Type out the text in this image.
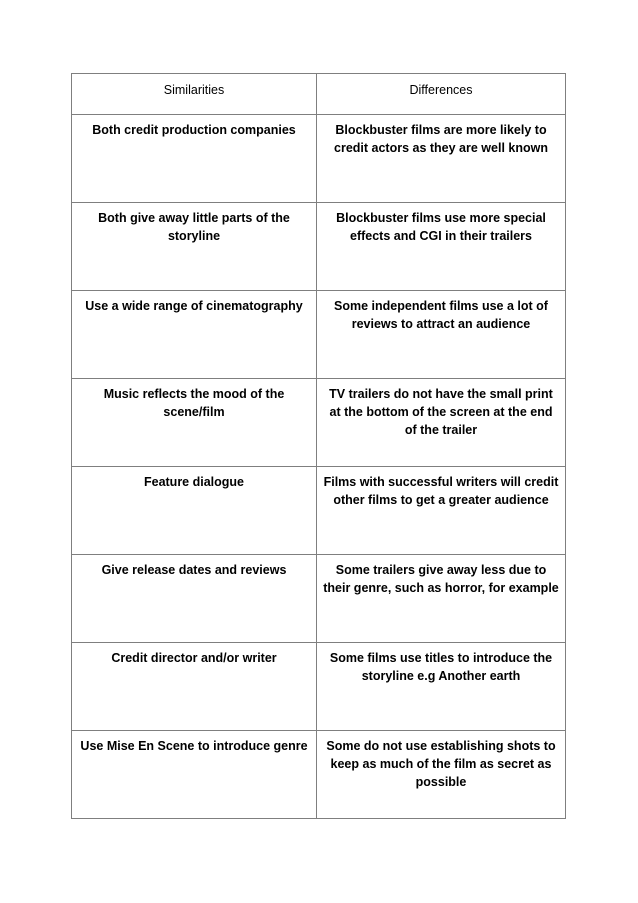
Similarities	Differences
Both credit production companies	Blockbuster films are more likely to credit actors as they are well known
Both give away little parts of the storyline	Blockbuster films use more special effects and CGI in their trailers
Use a wide range of cinematography	Some independent films use a lot of reviews to attract an audience
Music reflects the mood of the scene/film	TV trailers do not have the small print at the bottom of the screen at the end of the trailer
Feature dialogue	Films with successful writers will credit other films to get a greater audience
Give release dates and reviews	Some trailers give away less due to their genre, such as horror, for example
Credit director and/or writer	Some films use titles to introduce the storyline e.g Another earth
Use Mise En Scene to introduce genre	Some do not use establishing shots to keep as much of the film as secret as possible
